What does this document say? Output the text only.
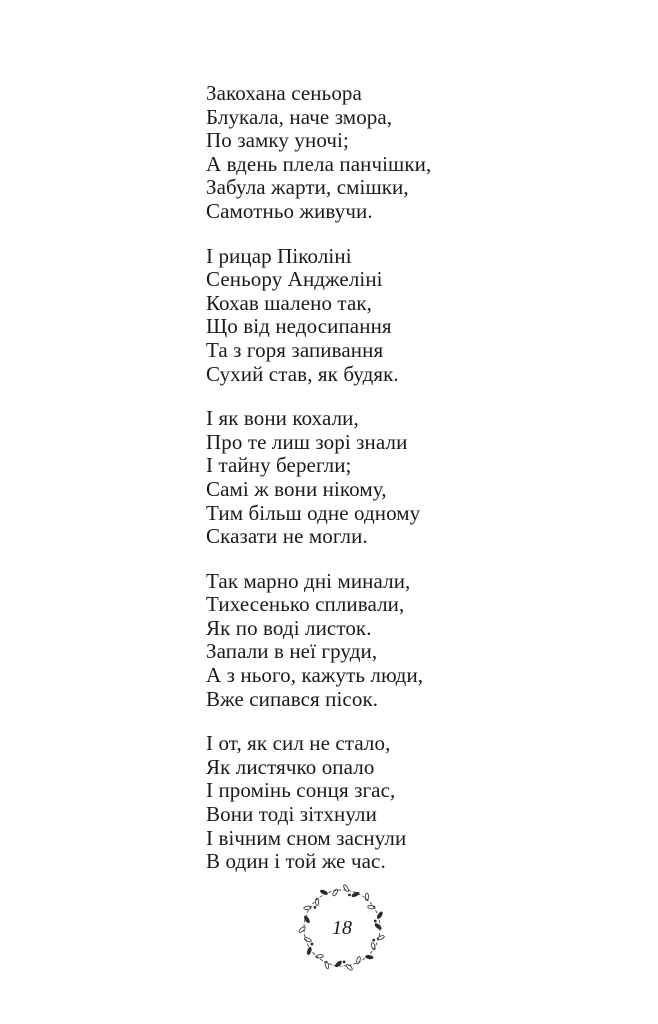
Закохана сеньора
Блукала, наче змора,
По замку уночі;
А вдень плела панчішки,
Забула жарти, смішки,
Самотньо живучи.
І рицар Піколіні
Сеньору Анджеліні
Кохав шалено так,
Що від недосипання
Та з горя запивання
Сухий став, як будяк.
І як вони кохали,
Про те лиш зорі знали
І тайну берегли;
Самі ж вони нікому,
Тим більш одне одному
Сказати не могли.
Так марно дні минали,
Тихесенько спливали,
Як по воді листок.
Запали в неї груди,
А з нього, кажуть люди,
Вже сипався пісок.
І от, як сил не стало,
Як листячко опало
І промінь сонця згас,
Вони тоді зітхнули
І вічним сном заснули
В один і той же час.
18
